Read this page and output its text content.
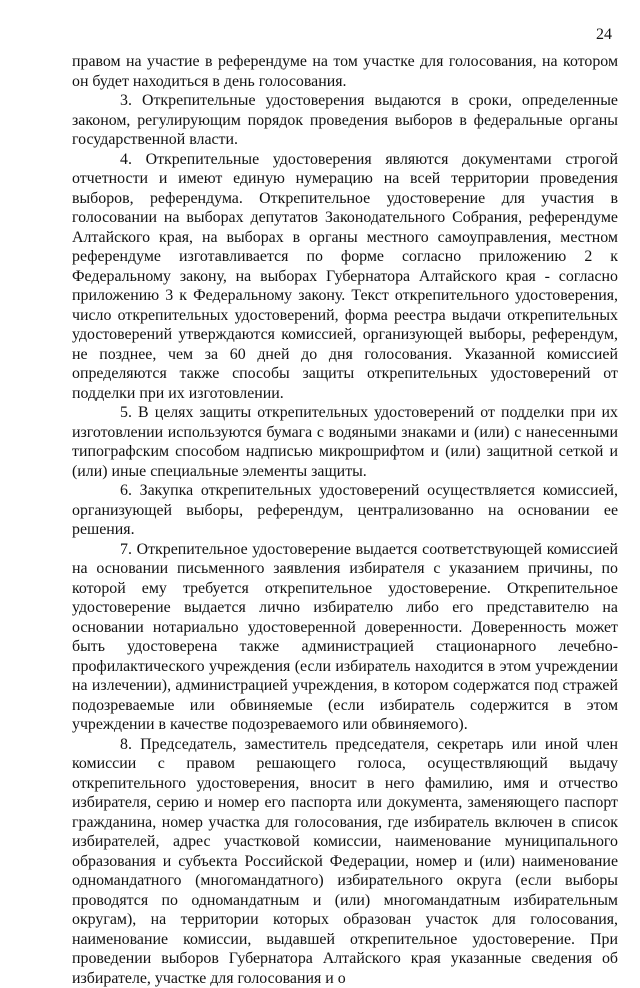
24

правом на участие в референдуме на том участке для голосования, на котором он будет находиться в день голосования.

3. Открепительные удостоверения выдаются в сроки, определенные законом, регулирующим порядок проведения выборов в федеральные органы государственной власти.

4. Открепительные удостоверения являются документами строгой отчетности и имеют единую нумерацию на всей территории проведения выборов, референдума. Открепительное удостоверение для участия в голосовании на выборах депутатов Законодательного Собрания, референдуме Алтайского края, на выборах в органы местного самоуправления, местном референдуме изготавливается по форме согласно приложению 2 к Федеральному закону, на выборах Губернатора Алтайского края - согласно приложению 3 к Федеральному закону. Текст открепительного удостоверения, число открепительных удостоверений, форма реестра выдачи открепительных удостоверений утверждаются комиссией, организующей выборы, референдум, не позднее, чем за 60 дней до дня голосования. Указанной комиссией определяются также способы защиты открепительных удостоверений от подделки при их изготовлении.

5. В целях защиты открепительных удостоверений от подделки при их изготовлении используются бумага с водяными знаками и (или) с нанесенными типографским способом надписью микрошрифтом и (или) защитной сеткой и (или) иные специальные элементы защиты.

6. Закупка открепительных удостоверений осуществляется комиссией, организующей выборы, референдум, централизованно на основании ее решения.

7. Открепительное удостоверение выдается соответствующей комиссией на основании письменного заявления избирателя с указанием причины, по которой ему требуется открепительное удостоверение. Открепительное удостоверение выдается лично избирателю либо его представителю на основании нотариально удостоверенной доверенности. Доверенность может быть удостоверена также администрацией стационарного лечебно-профилактического учреждения (если избиратель находится в этом учреждении на излечении), администрацией учреждения, в котором содержатся под стражей подозреваемые или обвиняемые (если избиратель содержится в этом учреждении в качестве подозреваемого или обвиняемого).

8. Председатель, заместитель председателя, секретарь или иной член комиссии с правом решающего голоса, осуществляющий выдачу открепительного удостоверения, вносит в него фамилию, имя и отчество избирателя, серию и номер его паспорта или документа, заменяющего паспорт гражданина, номер участка для голосования, где избиратель включен в список избирателей, адрес участковой комиссии, наименование муниципального образования и субъекта Российской Федерации, номер и (или) наименование одномандатного (многомандатного) избирательного округа (если выборы проводятся по одномандатным и (или) многомандатным избирательным округам), на территории которых образован участок для голосования, наименование комиссии, выдавшей открепительное удостоверение. При проведении выборов Губернатора Алтайского края указанные сведения об избирателе, участке для голосования и о
